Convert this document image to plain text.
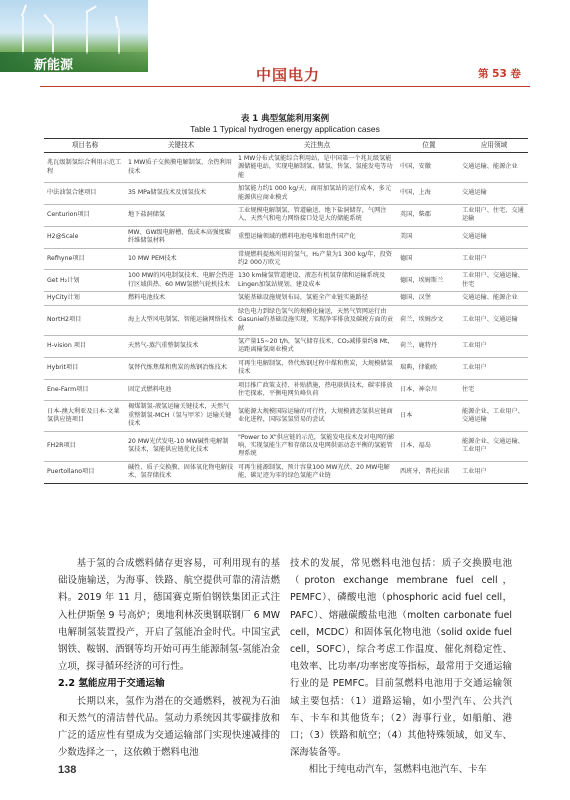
新能源
中国电力	第 53 卷
表 1 典型氢能利用案例
Table 1 Typical hydrogen energy application cases
项目名称	关键技术	关注焦点	位置	应用领域
兆瓦级制氢综合利用示范工程	1 MW质子交换膜电解制氢、余热利用技术	1 MW分布式氢能综合利用站，是中国第一个兆瓦级氢能源储能电站，实现电解制氢、储氢、售氢、氢能发电等功能	中国，安徽	交通运输、能源企业
中法油氢合建项目	35 MPa储氢技术及加氢技术	加氢能力约1 000 kg/天，商用加氢站的运行成本，多元能源供应商业模式	中国，上海	交通运输
Centurion项目	地下盐洞储氢	工业规模电解制氢、管道输送、地下盐洞储存，气网注入，天然气和电力网络接口处是大的储能系统	英国，柴郡	工业用户、住宅、交通运输
H2@Scale	MW、GW级电解槽，低成本高强度碳纤维储氢材料	重塑运输领域的燃料电池电堆和组件国产化	美国	交通运输
Refhyne项目	10 MW PEM技术	常规燃料提炼所用的氢气，H₂产量为1 300 kg/年，投资约2 000万欧元	德国	工业用户
Get H₂计划	100 MW的风电制氢技术、电解会热进行区域供热、60 MW氢燃气轮机技术	130 km输氢管道建设、液态有机氢存储和运输系统及Lingen加氢站规划、建设成本	德国，埃姆斯兰	工业用户、交通运输、住宅
HyCity计划	燃料电池技术	氢能基础设施规划布局，氢能全产业链实施路径	德国，汉堡	交通运输、能源企业
NortH2项目	海上大型风电制氢、智能运输网络技术	绿色电力到绿色氢气的规模化输送，天然气管网运行由Gasunie的基础设施实现，实现净零排放及碳税方面的贡献	荷兰，埃姆沙文	工业用户、交通运输
H-vision 项目	天然气-蒸汽重整制氢技术	氢产量15~20 t/h，氢气储存技术，CO₂减排量约8 Mt，运距离输氢商业模式	荷兰，鹿特丹	工业用户
Hybrit项目	氢替代炼焦煤和焦炭的炼钢冶炼技术	可再生电解制氢，替代炼钢过程中煤和焦炭，大规模储氢技术	瑞典，律勒欧	工业用户
Ene-Farm项目	固定式燃料电池	项目推广政策支持、补贴措施，热电联供技术，碳零排放住宅探索，平衡电网负峰负荷	日本，神奈川	住宅
日本-澳大利亚及日本-文莱氢供应链项目	褐煤制氢-液氢运输关键技术，天然气重整制氢-MCH（氢与甲苯）运输关键技术	氢能源大规模国际运输的可行性，大规模液态氢供应链商业化进程，国际氢氢贸易的尝试	日本	能源企业、工业用户、交通运输
FH2R项目	20 MW光伏发电-10 MW碱性电解制氢技术，氢能供应链优化技术	"Power to X"供应链的示范，氢能发电技术及对电网的影响，实现氢能生产和存储以及电网供需动态平衡的氢能管理系统	日本，福岛	能源企业、交通运输、工业用户
Puertollano项目	碱性、质子交换膜、固体氧化物电解技术、氢存储技术	可再生能源制氢，预计容量100 MW光伏、20 MW电解能，碳足迹为零的绿色氢能产业链	西班牙，普托拉诺	工业用户

基于氢的合成燃料储存更容易，可利用现有的基础设施输送，为海事、铁路、航空提供可靠的清洁燃料。2019 年 11 月，德国赛克斯伯钢铁集团正式注入杜伊斯堡 9 号高炉；奥地利林茨奥钢联钢厂 6 MW 电解制氢装置投产，开启了氢能冶金时代。中国宝武钢铁、鞍钢、酒钢等均开始可再生能源制氢-氢能冶金立项，探寻循环经济的可行性。

2.2 氢能应用于交通运输

长期以来，氢作为潜在的交通燃料，被视为石油和天然气的清洁替代品。氢动力系统因其零碳排放和广泛的适应性有望成为交通运输部门实现快速减排的少数选择之一，这依赖于燃料电池

技术的发展，常见燃料电池包括：质子交换膜电池（proton exchange membrane fuel cell，PEMFC）、磷酸电池（phosphoric acid fuel cell，PAFC）、熔融碳酸盐电池（molten carbonate fuel cell，MCDC）和固体氧化物电池（solid oxide fuel cell，SOFC），综合考虑工作温度、催化剂稳定性、电效率、比功率/功率密度等指标，最常用于交通运输行业的是 PEMFC。目前氢燃料电池用于交通运输领域主要包括：（1）道路运输，如小型汽车、公共汽车、卡车和其他货车；（2）海事行业，如船舶、港口；（3）铁路和航空；（4）其他特殊领域，如叉车、深海装备等。

相比于纯电动汽车，氢燃料电池汽车、卡车

138
